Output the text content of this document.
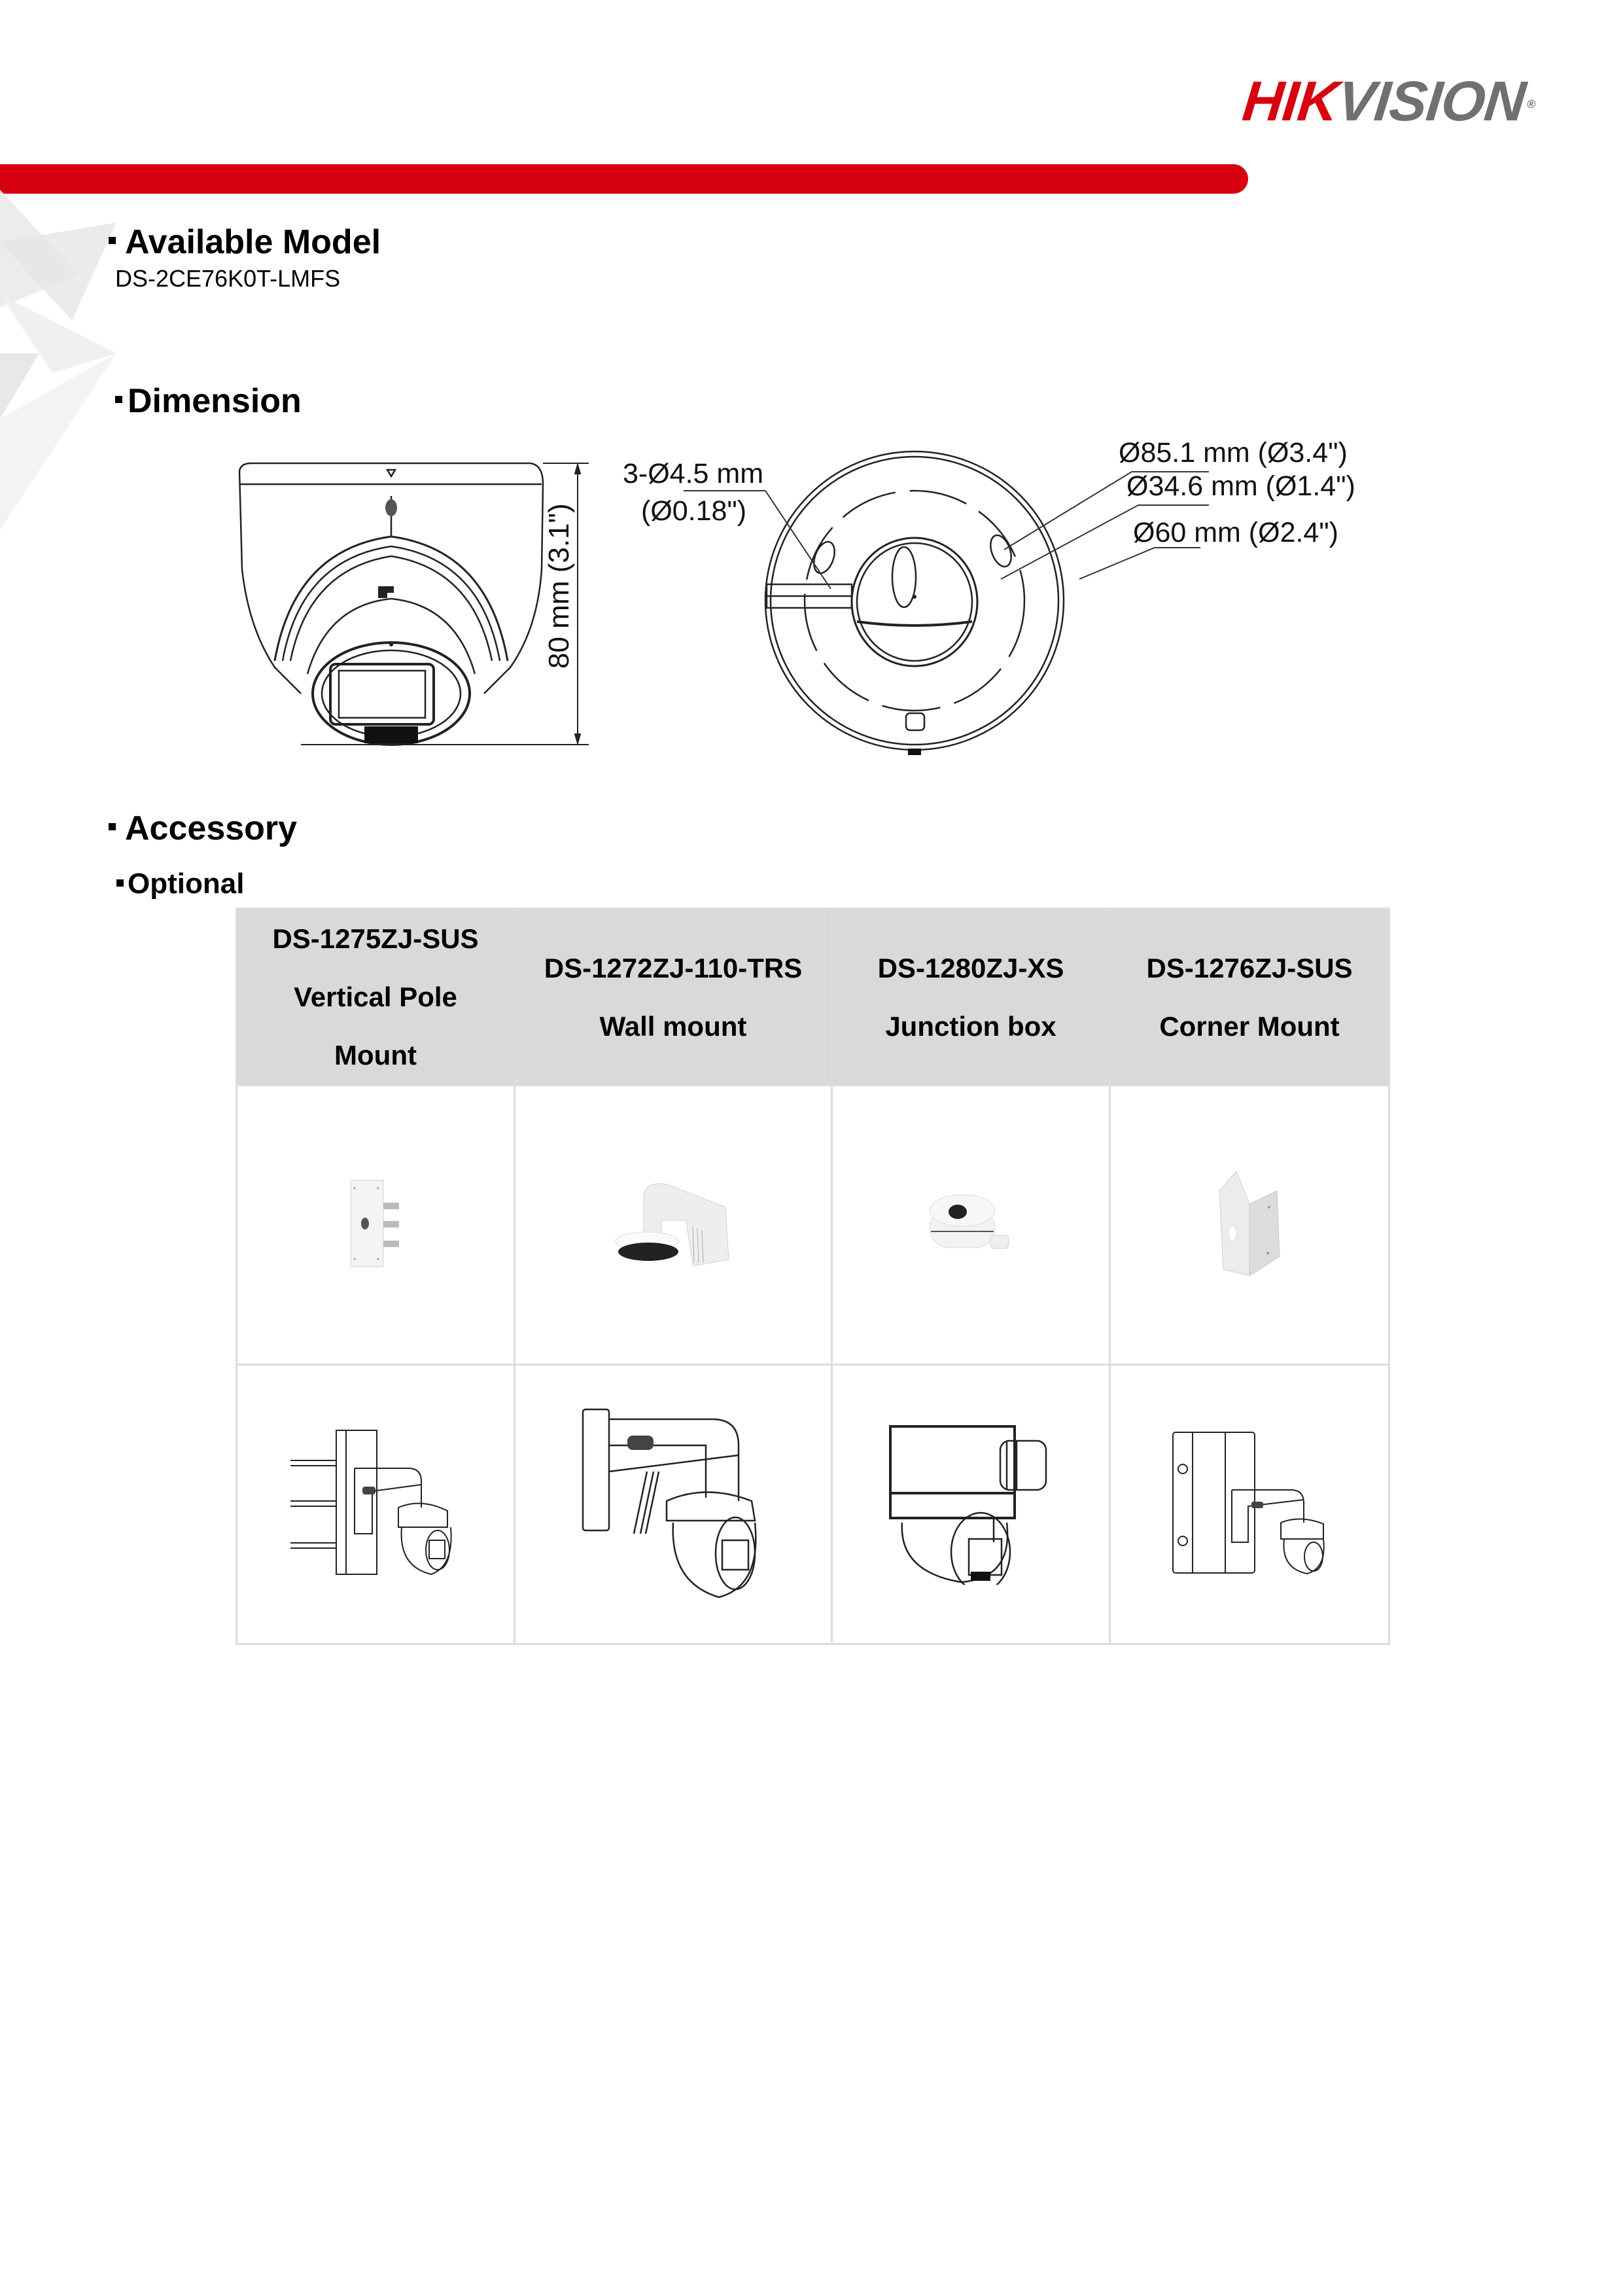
HIKVISION®
Available Model
DS-2CE76K0T-LMFS
Dimension
80 mm (3.1")
3-Ø4.5 mm
(Ø0.18")
Ø85.1 mm (Ø3.4")
Ø34.6 mm (Ø1.4")
Ø60 mm (Ø2.4")
Accessory
Optional
DS-1275ZJ-SUS
Vertical Pole
Mount

DS-1272ZJ-110-TRS
Wall mount

DS-1280ZJ-XS
Junction box

DS-1276ZJ-SUS
Corner Mount
